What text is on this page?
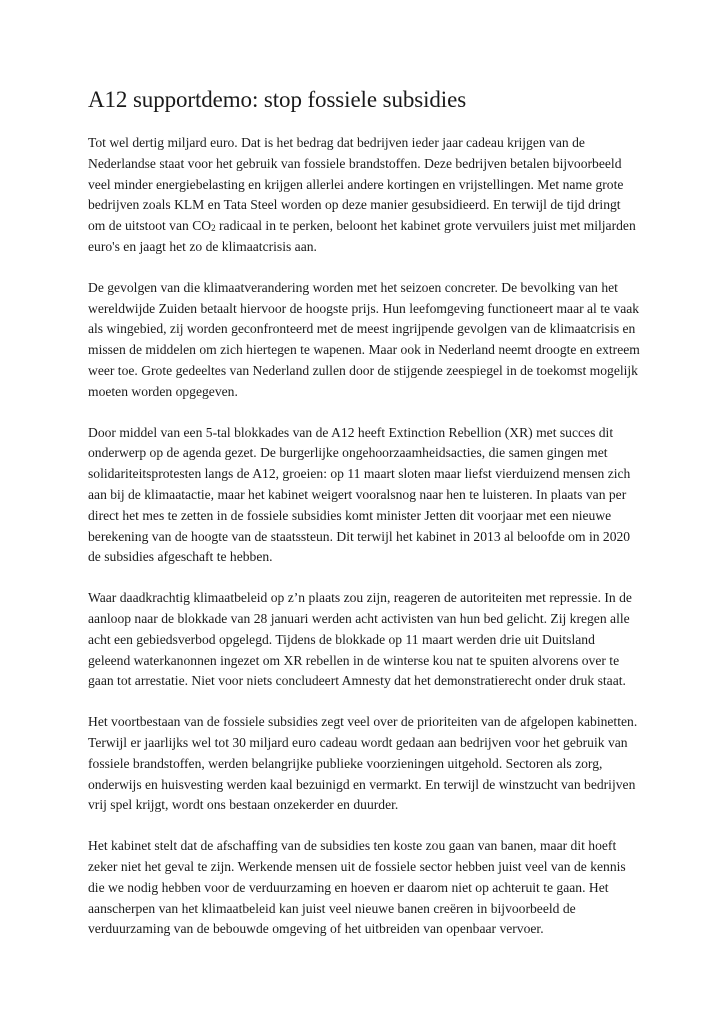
A12 supportdemo: stop fossiele subsidies

Tot wel dertig miljard euro. Dat is het bedrag dat bedrijven ieder jaar cadeau krijgen van de Nederlandse staat voor het gebruik van fossiele brandstoffen. Deze bedrijven betalen bijvoorbeeld veel minder energiebelasting en krijgen allerlei andere kortingen en vrijstellingen. Met name grote bedrijven zoals KLM en Tata Steel worden op deze manier gesubsidieerd. En terwijl de tijd dringt om de uitstoot van CO2 radicaal in te perken, beloont het kabinet grote vervuilers juist met miljarden euro's en jaagt het zo de klimaatcrisis aan.

De gevolgen van die klimaatverandering worden met het seizoen concreter. De bevolking van het wereldwijde Zuiden betaalt hiervoor de hoogste prijs. Hun leefomgeving functioneert maar al te vaak als wingebied, zij worden geconfronteerd met de meest ingrijpende gevolgen van de klimaatcrisis en missen de middelen om zich hiertegen te wapenen. Maar ook in Nederland neemt droogte en extreem weer toe. Grote gedeeltes van Nederland zullen door de stijgende zeespiegel in de toekomst mogelijk moeten worden opgegeven.

Door middel van een 5-tal blokkades van de A12 heeft Extinction Rebellion (XR) met succes dit onderwerp op de agenda gezet. De burgerlijke ongehoorzaamheidsacties, die samen gingen met solidariteitsprotesten langs de A12, groeien: op 11 maart sloten maar liefst vierduizend mensen zich aan bij de klimaatactie, maar het kabinet weigert vooralsnog naar hen te luisteren. In plaats van per direct het mes te zetten in de fossiele subsidies komt minister Jetten dit voorjaar met een nieuwe berekening van de hoogte van de staatssteun. Dit terwijl het kabinet in 2013 al beloofde om in 2020 de subsidies afgeschaft te hebben.

Waar daadkrachtig klimaatbeleid op z’n plaats zou zijn, reageren de autoriteiten met repressie. In de aanloop naar de blokkade van 28 januari werden acht activisten van hun bed gelicht. Zij kregen alle acht een gebiedsverbod opgelegd. Tijdens de blokkade op 11 maart werden drie uit Duitsland geleend waterkanonnen ingezet om XR rebellen in de winterse kou nat te spuiten alvorens over te gaan tot arrestatie. Niet voor niets concludeert Amnesty dat het demonstratierecht onder druk staat.

Het voortbestaan van de fossiele subsidies zegt veel over de prioriteiten van de afgelopen kabinetten. Terwijl er jaarlijks wel tot 30 miljard euro cadeau wordt gedaan aan bedrijven voor het gebruik van fossiele brandstoffen, werden belangrijke publieke voorzieningen uitgehold. Sectoren als zorg, onderwijs en huisvesting werden kaal bezuinigd en vermarkt. En terwijl de winstzucht van bedrijven vrij spel krijgt, wordt ons bestaan onzekerder en duurder.

Het kabinet stelt dat de afschaffing van de subsidies ten koste zou gaan van banen, maar dit hoeft zeker niet het geval te zijn. Werkende mensen uit de fossiele sector hebben juist veel van de kennis die we nodig hebben voor de verduurzaming en hoeven er daarom niet op achteruit te gaan. Het aanscherpen van het klimaatbeleid kan juist veel nieuwe banen creëren in bijvoorbeeld de verduurzaming van de bebouwde omgeving of het uitbreiden van openbaar vervoer.
